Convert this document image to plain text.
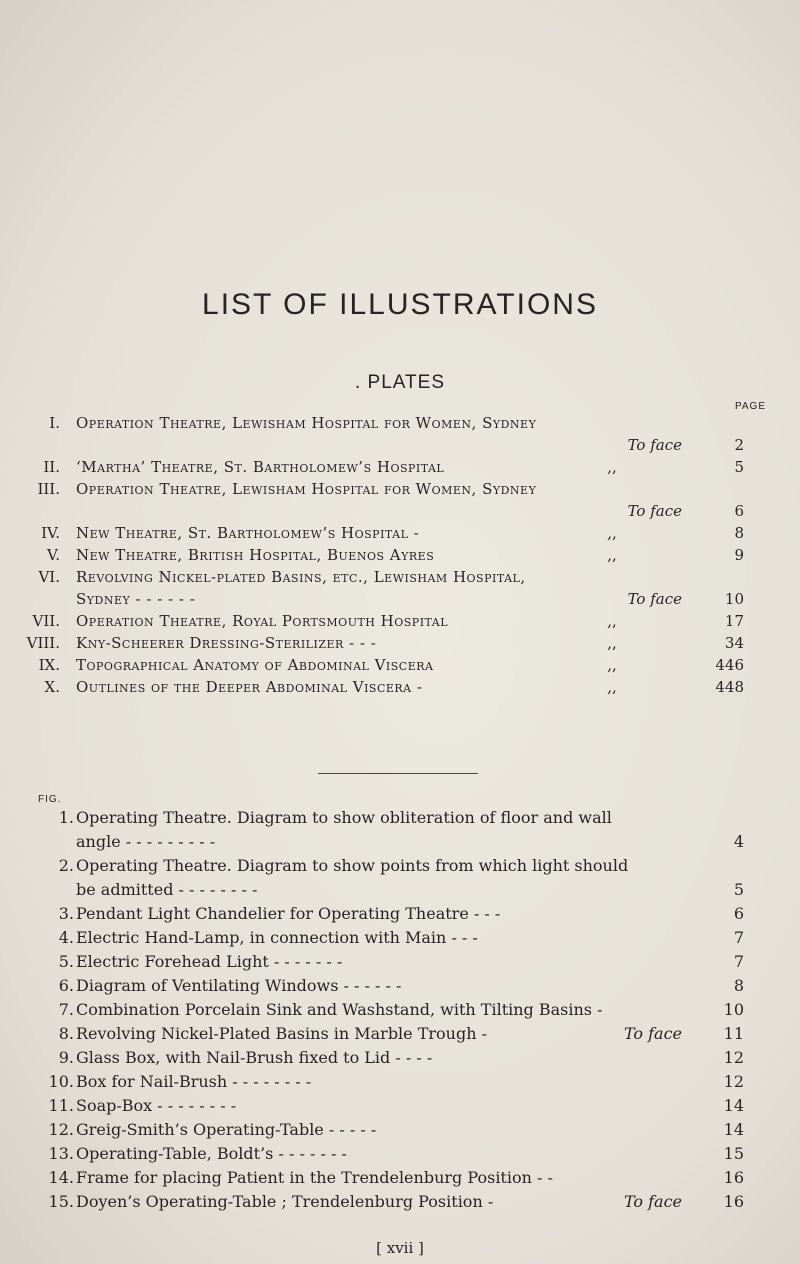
LIST OF ILLUSTRATIONS
. PLATES
PAGE
I. Operation Theatre, Lewisham Hospital for Women, Sydney
To face	2
II. ‘Martha’ Theatre, St. Bartholomew’s Hospital	,,	5
III. Operation Theatre, Lewisham Hospital for Women, Sydney
To face	6
IV. New Theatre, St. Bartholomew’s Hospital -	,,	8
V. New Theatre, British Hospital, Buenos Ayres	,,	9
VI. Revolving Nickel-plated Basins, etc., Lewisham Hospital,
Sydney - - - - - -	To face	10
VII. Operation Theatre, Royal Portsmouth Hospital	,,	17
VIII. Kny-Scheerer Dressing-Sterilizer - - -	,,	34
IX. Topographical Anatomy of Abdominal Viscera	,,	446
X. Outlines of the Deeper Abdominal Viscera -	,,	448
FIG.
1. Operating Theatre. Diagram to show obliteration of floor and wall
angle - - - - - - - - -	4
2. Operating Theatre. Diagram to show points from which light should
be admitted - - - - - - - -	5
3. Pendant Light Chandelier for Operating Theatre - - -	6
4. Electric Hand-Lamp, in connection with Main - - -	7
5. Electric Forehead Light - - - - - - -	7
6. Diagram of Ventilating Windows - - - - - -	8
7. Combination Porcelain Sink and Washstand, with Tilting Basins -	10
8. Revolving Nickel-Plated Basins in Marble Trough -	To face	11
9. Glass Box, with Nail-Brush fixed to Lid - - - -	12
10. Box for Nail-Brush - - - - - - - -	12
11. Soap-Box - - - - - - - -	14
12. Greig-Smith’s Operating-Table - - - - -	14
13. Operating-Table, Boldt’s - - - - - - -	15
14. Frame for placing Patient in the Trendelenburg Position - -	16
15. Doyen’s Operating-Table ; Trendelenburg Position -	To face	16
[ xvii ]
